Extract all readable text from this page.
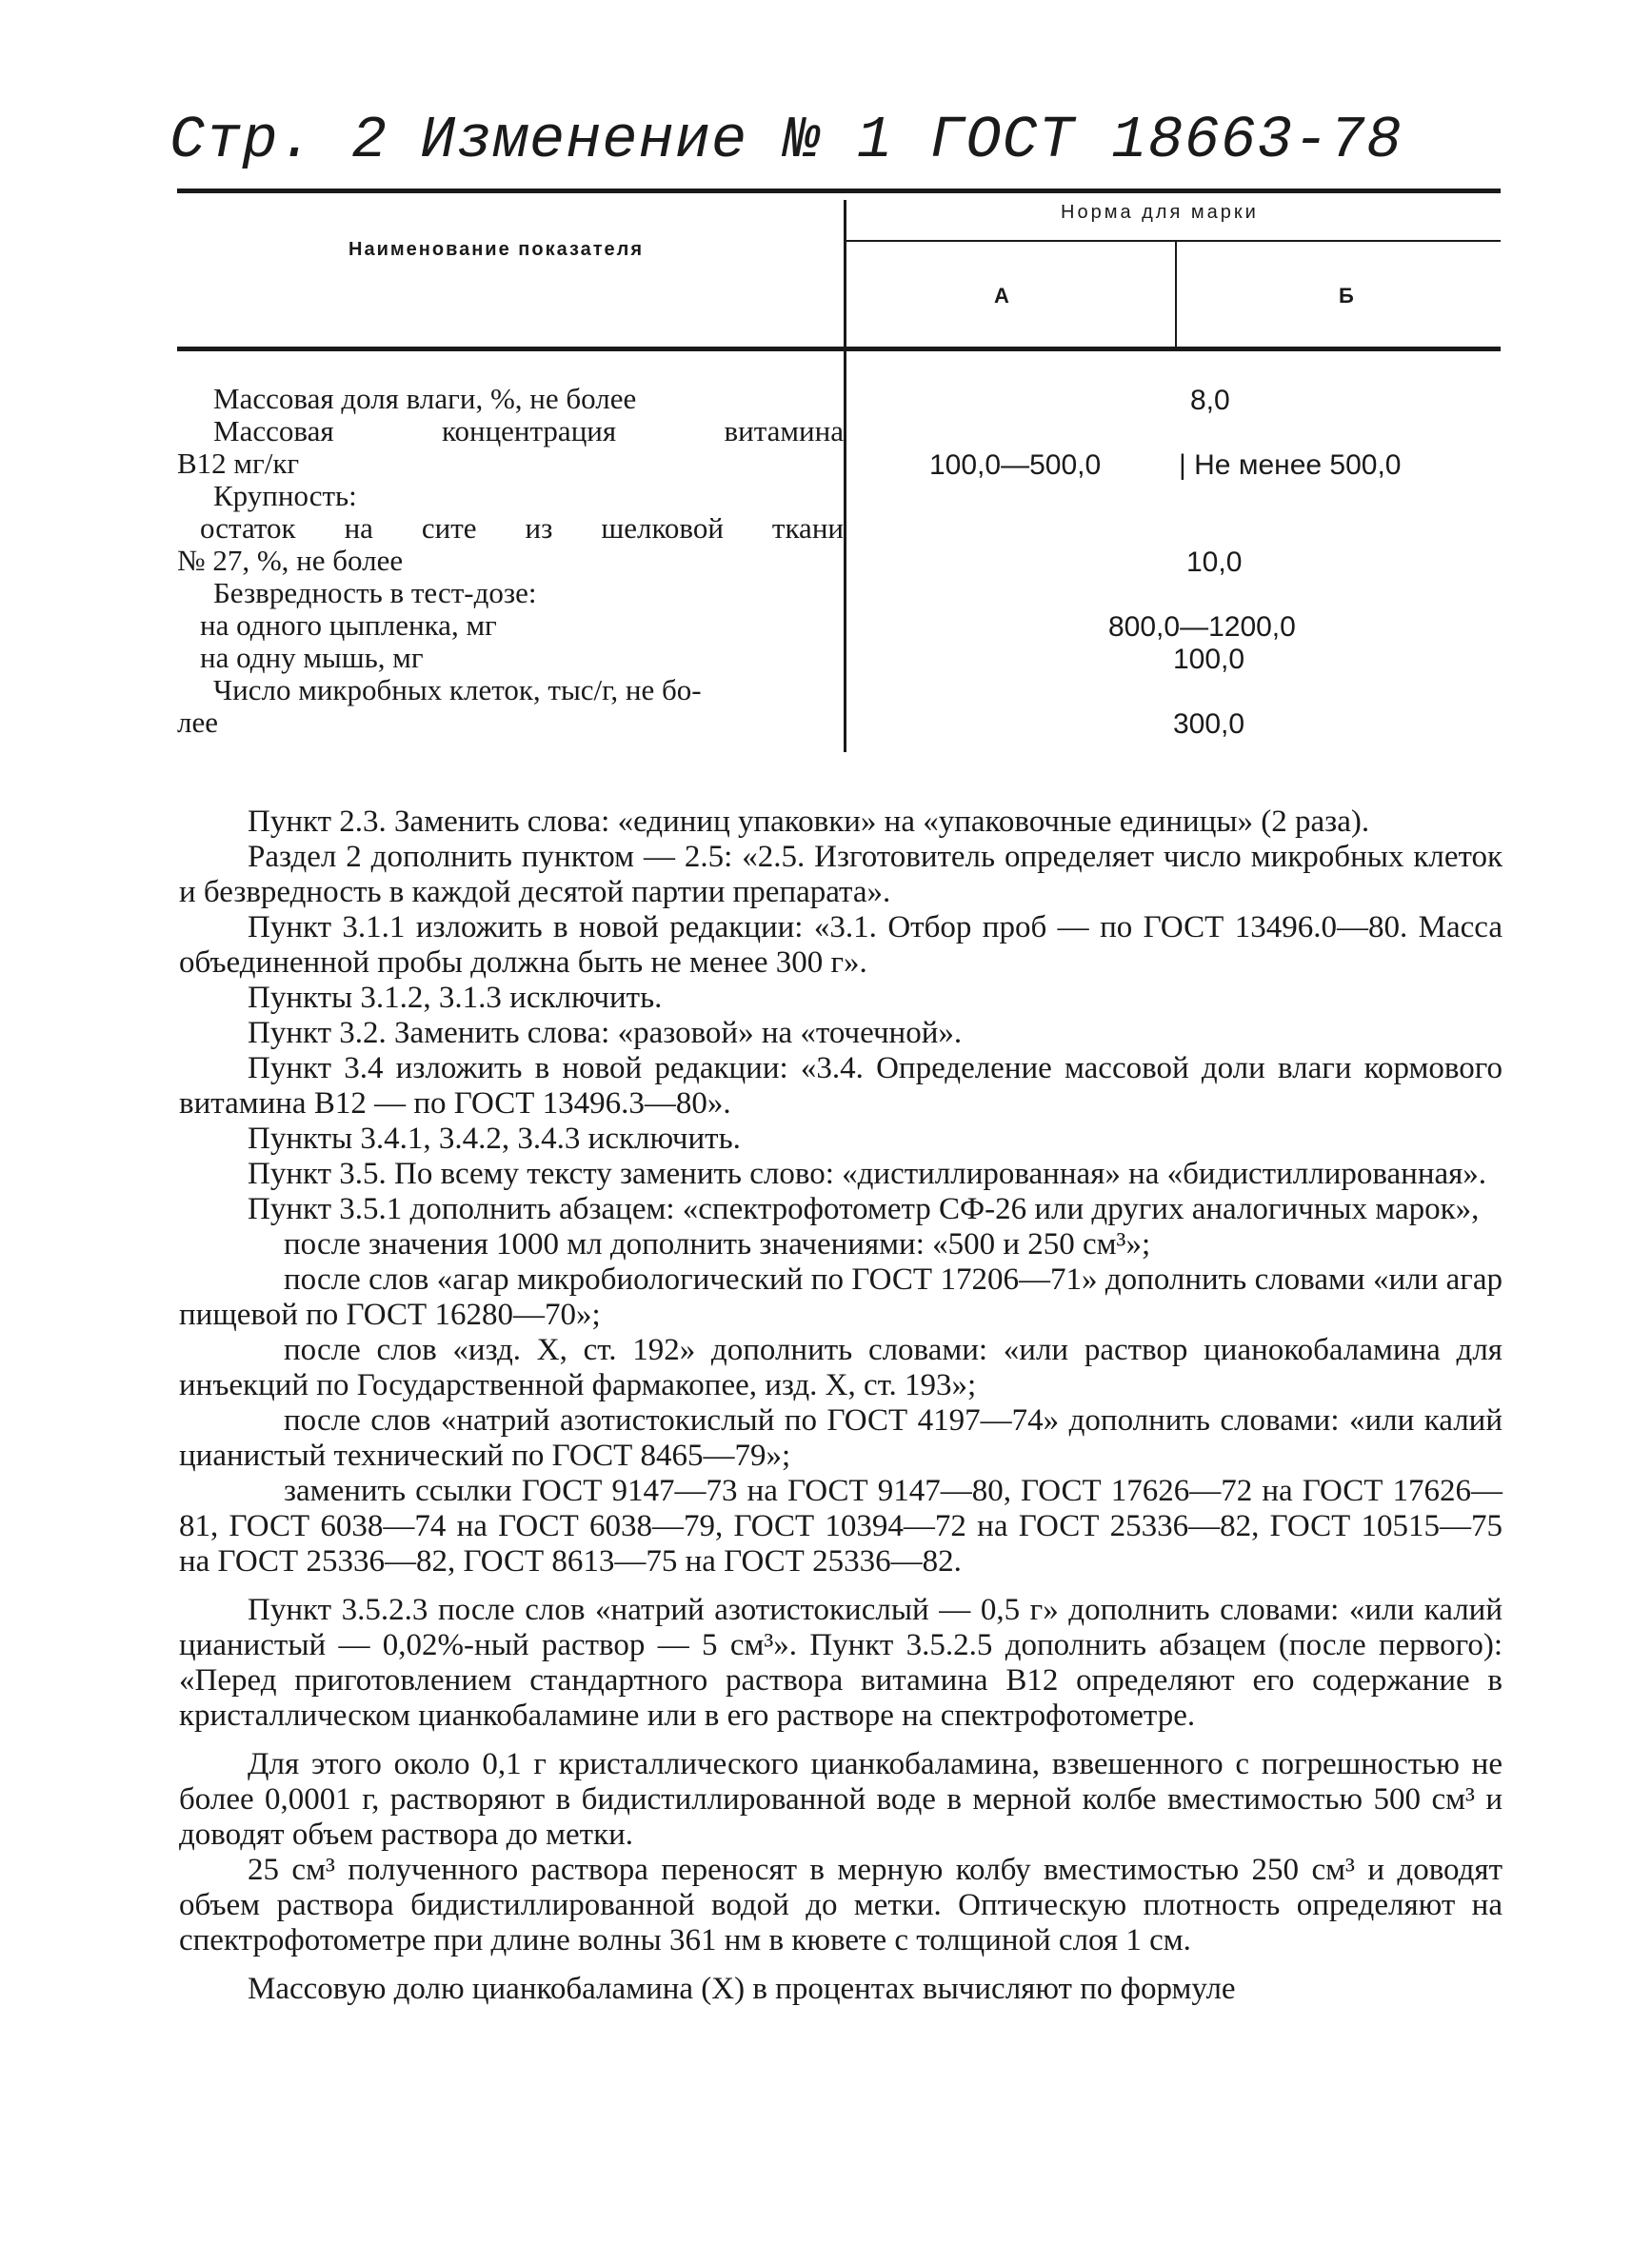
Стр. 2 Изменение № 1 ГОСТ 18663-78
Наименование показателя
Норма для марки
А	Б
Массовая доля влаги, %, не более
Массовая концентрация витамина
В12 мг/кг
Крупность:
остаток на сите из шелковой ткани
№ 27, %, не более
Безвредность в тест-дозе:
на одного цыпленка, мг
на одну мышь, мг
Число микробных клеток, тыс/г, не бо-
лее
8,0
100,0—500,0	| Не менее 500,0
10,0
800,0—1200,0
100,0
300,0

Пункт 2.3. Заменить слова: «единиц упаковки» на «упаковочные единицы» (2 раза).

Раздел 2 дополнить пунктом — 2.5: «2.5. Изготовитель определяет число микробных клеток и безвредность в каждой десятой партии препарата».

Пункт 3.1.1 изложить в новой редакции: «3.1. Отбор проб — по ГОСТ 13496.0—80. Масса объединенной пробы должна быть не менее 300 г».

Пункты 3.1.2, 3.1.3 исключить.

Пункт 3.2. Заменить слова: «разовой» на «точечной».

Пункт 3.4 изложить в новой редакции: «3.4. Определение массовой доли влаги кормового витамина В12 — по ГОСТ 13496.3—80».

Пункты 3.4.1, 3.4.2, 3.4.3 исключить.

Пункт 3.5. По всему тексту заменить слово: «дистиллированная» на «бидистиллированная».

Пункт 3.5.1 дополнить абзацем: «спектрофотометр СФ-26 или других аналогичных марок»,

после значения 1000 мл дополнить значениями: «500 и 250 см³»;

после слов «агар микробиологический по ГОСТ 17206—71» дополнить словами «или агар пищевой по ГОСТ 16280—70»;

после слов «изд. X, ст. 192» дополнить словами: «или раствор цианокобаламина для инъекций по Государственной фармакопее, изд. X, ст. 193»;

после слов «натрий азотистокислый по ГОСТ 4197—74» дополнить словами: «или калий цианистый технический по ГОСТ 8465—79»;

заменить ссылки ГОСТ 9147—73 на ГОСТ 9147—80, ГОСТ 17626—72 на ГОСТ 17626—81, ГОСТ 6038—74 на ГОСТ 6038—79, ГОСТ 10394—72 на ГОСТ 25336—82, ГОСТ 10515—75 на ГОСТ 25336—82, ГОСТ 8613—75 на ГОСТ 25336—82.

Пункт 3.5.2.3 после слов «натрий азотистокислый — 0,5 г» дополнить словами: «или калий цианистый — 0,02%-ный раствор — 5 см³». Пункт 3.5.2.5 дополнить абзацем (после первого): «Перед приготовлением стандартного раствора витамина В12 определяют его содержание в кристаллическом цианкобаламине или в его растворе на спектрофотометре.

Для этого около 0,1 г кристаллического цианкобаламина, взвешенного с погрешностью не более 0,0001 г, растворяют в бидистиллированной воде в мерной колбе вместимостью 500 см³ и доводят объем раствора до метки.

25 см³ полученного раствора переносят в мерную колбу вместимостью 250 см³ и доводят объем раствора бидистиллированной водой до метки. Оптическую плотность определяют на спектрофотометре при длине волны 361 нм в кювете с толщиной слоя 1 см.

Массовую долю цианкобаламина (X) в процентах вычисляют по формуле
